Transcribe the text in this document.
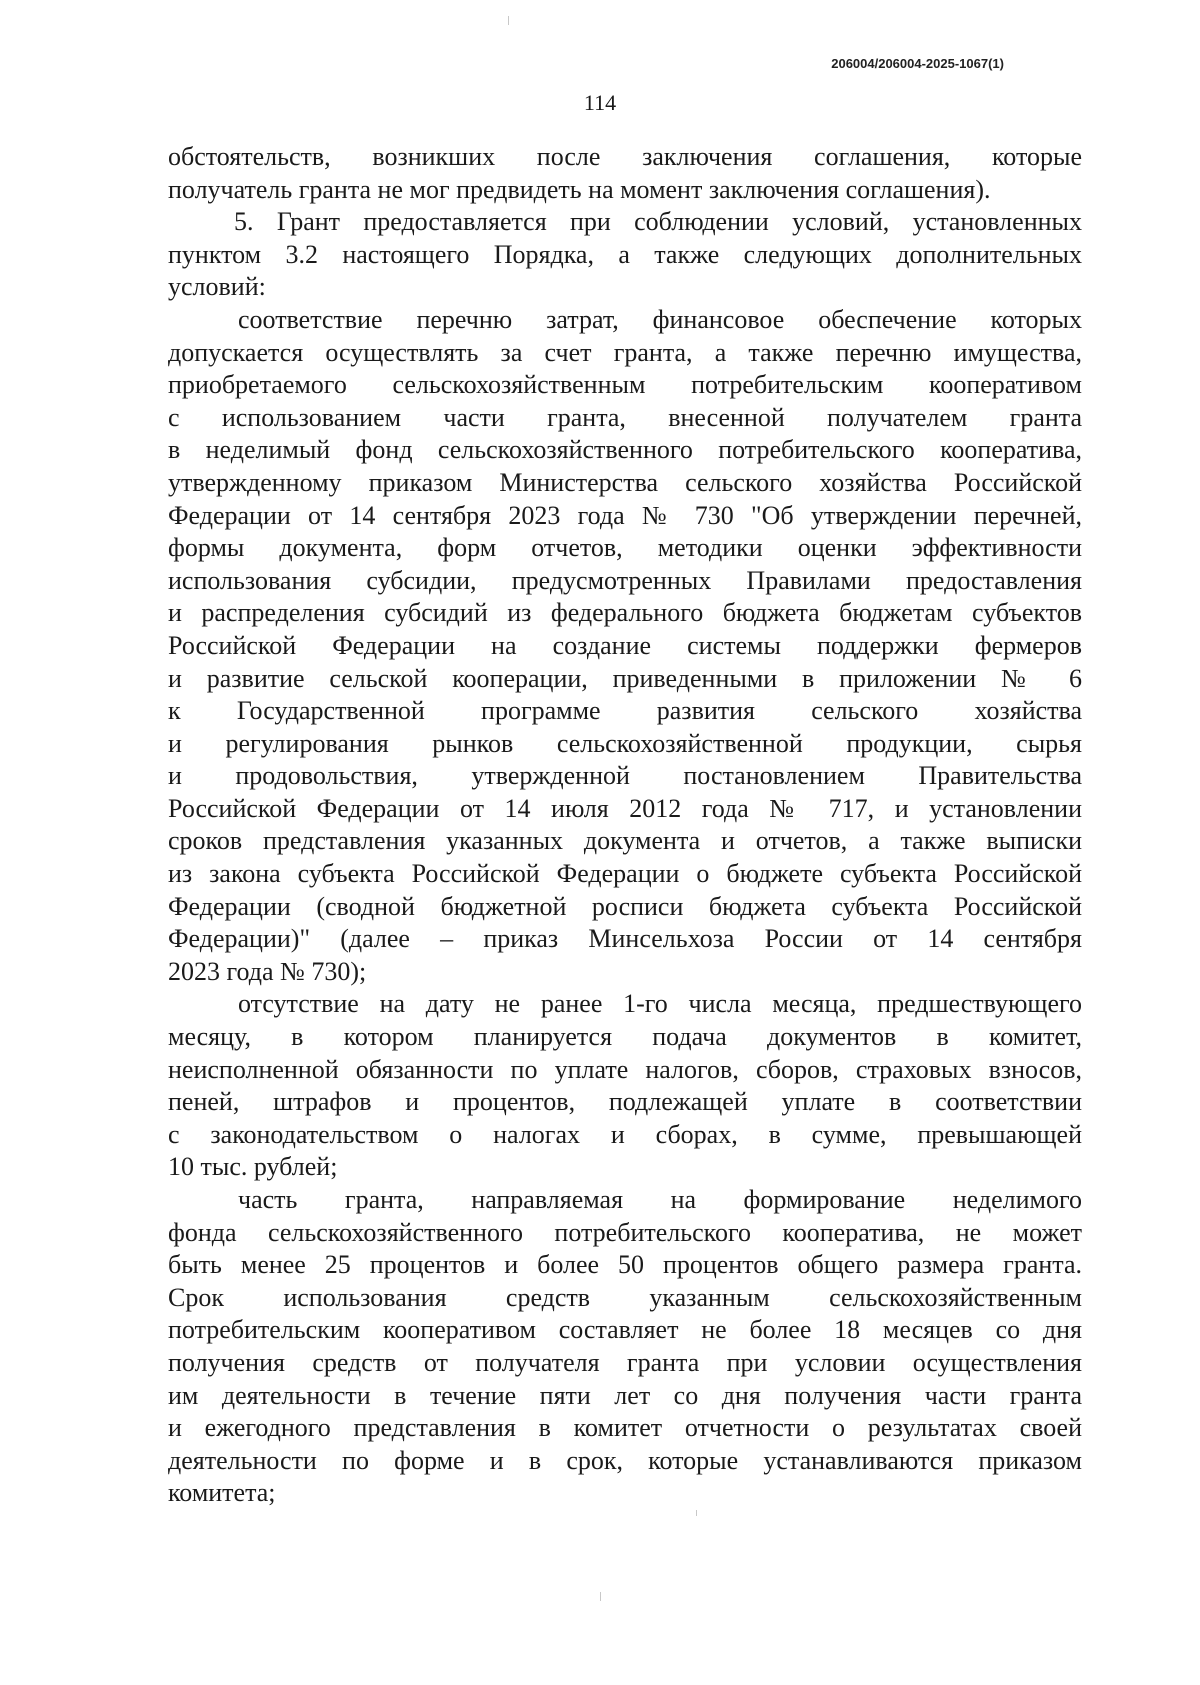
206004/206004-2025-1067(1)
114
обстоятельств, возникших после заключения соглашения, которые
получатель гранта не мог предвидеть на момент заключения соглашения).
5. Грант предоставляется при соблюдении условий, установленных
пунктом 3.2 настоящего Порядка, а также следующих дополнительных
условий:
соответствие перечню затрат, финансовое обеспечение которых
допускается осуществлять за счет гранта, а также перечню имущества,
приобретаемого сельскохозяйственным потребительским кооперативом
с использованием части гранта, внесенной получателем гранта
в неделимый фонд сельскохозяйственного потребительского кооператива,
утвержденному приказом Министерства сельского хозяйства Российской
Федерации от 14 сентября 2023 года № 730 "Об утверждении перечней,
формы документа, форм отчетов, методики оценки эффективности
использования субсидии, предусмотренных Правилами предоставления
и распределения субсидий из федерального бюджета бюджетам субъектов
Российской Федерации на создание системы поддержки фермеров
и развитие сельской кооперации, приведенными в приложении № 6
к Государственной программе развития сельского хозяйства
и регулирования рынков сельскохозяйственной продукции, сырья
и продовольствия, утвержденной постановлением Правительства
Российской Федерации от 14 июля 2012 года № 717, и установлении
сроков представления указанных документа и отчетов, а также выписки
из закона субъекта Российской Федерации о бюджете субъекта Российской
Федерации (сводной бюджетной росписи бюджета субъекта Российской
Федерации)" (далее – приказ Минсельхоза России от 14 сентября
2023 года № 730);
отсутствие на дату не ранее 1-го числа месяца, предшествующего
месяцу, в котором планируется подача документов в комитет,
неисполненной обязанности по уплате налогов, сборов, страховых взносов,
пеней, штрафов и процентов, подлежащей уплате в соответствии
с законодательством о налогах и сборах, в сумме, превышающей
10 тыс. рублей;
часть гранта, направляемая на формирование неделимого
фонда сельскохозяйственного потребительского кооператива, не может
быть менее 25 процентов и более 50 процентов общего размера гранта.
Срок использования средств указанным сельскохозяйственным
потребительским кооперативом составляет не более 18 месяцев со дня
получения средств от получателя гранта при условии осуществления
им деятельности в течение пяти лет со дня получения части гранта
и ежегодного представления в комитет отчетности о результатах своей
деятельности по форме и в срок, которые устанавливаются приказом
комитета;
